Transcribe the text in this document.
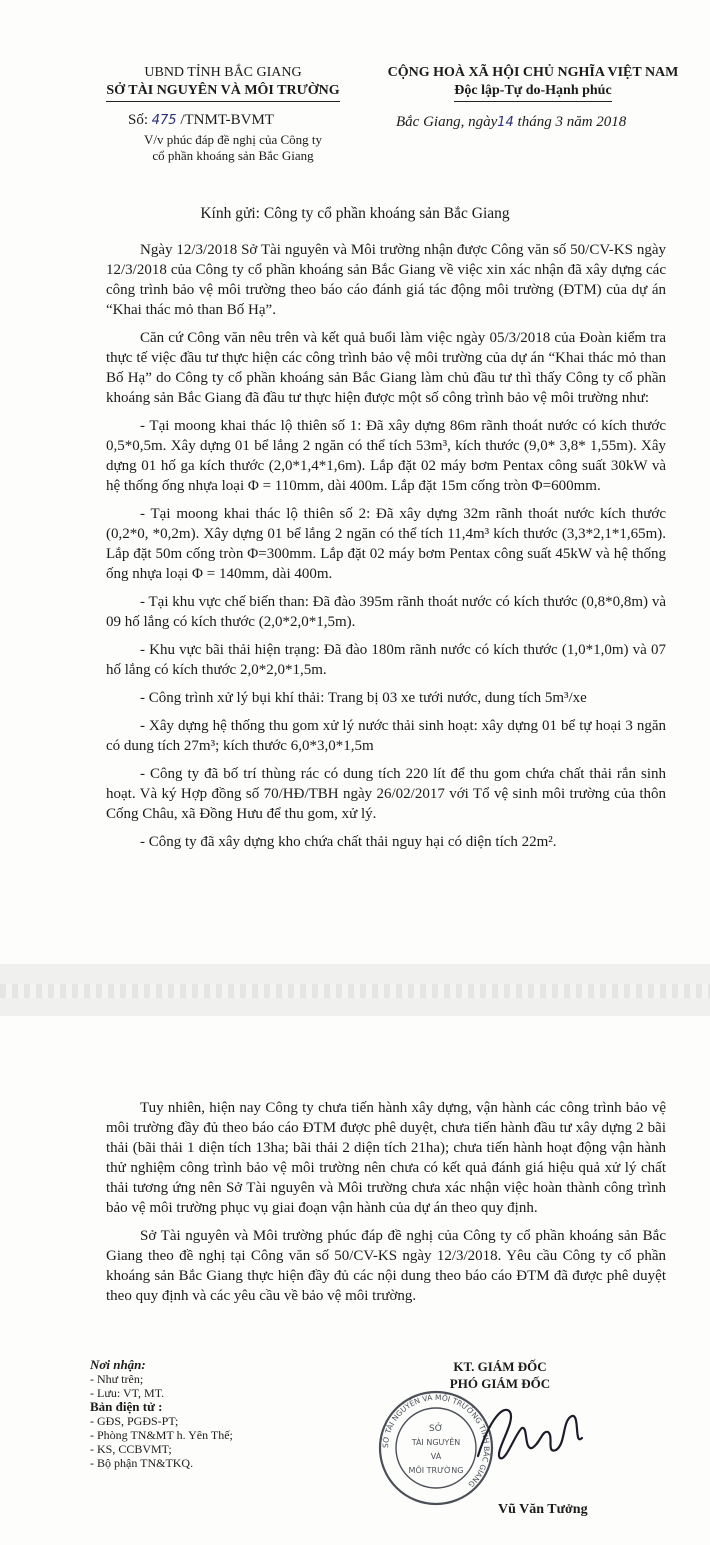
UBND TỈNH BẮC GIANG
SỞ TÀI NGUYÊN VÀ MÔI TRƯỜNG
CỘNG HOÀ XÃ HỘI CHỦ NGHĨA VIỆT NAM
Độc lập-Tự do-Hạnh phúc
Số: 475 /TNMT-BVMT
V/v phúc đáp đề nghị của Công ty
cổ phần khoáng sản Bắc Giang
Bắc Giang, ngày14 tháng 3 năm 2018
Kính gửi: Công ty cổ phần khoáng sản Bắc Giang

Ngày 12/3/2018 Sở Tài nguyên và Môi trường nhận được Công văn số 50/CV-KS ngày 12/3/2018 của Công ty cổ phần khoáng sản Bắc Giang về việc xin xác nhận đã xây dựng các công trình bảo vệ môi trường theo báo cáo đánh giá tác động môi trường (ĐTM) của dự án “Khai thác mỏ than Bố Hạ”.

Căn cứ Công văn nêu trên và kết quả buổi làm việc ngày 05/3/2018 của Đoàn kiểm tra thực tế việc đầu tư thực hiện các công trình bảo vệ môi trường của dự án “Khai thác mỏ than Bố Hạ” do Công ty cổ phần khoáng sản Bắc Giang làm chủ đầu tư thì thấy Công ty cổ phần khoáng sản Bắc Giang đã đầu tư thực hiện được một số công trình bảo vệ môi trường như:

- Tại moong khai thác lộ thiên số 1: Đã xây dựng 86m rãnh thoát nước có kích thước 0,5*0,5m. Xây dựng 01 bể lắng 2 ngăn có thể tích 53m³, kích thước (9,0* 3,8* 1,55m). Xây dựng 01 hố ga kích thước (2,0*1,4*1,6m). Lắp đặt 02 máy bơm Pentax công suất 30kW và hệ thống ống nhựa loại Φ = 110mm, dài 400m. Lắp đặt 15m cống tròn Φ=600mm.

- Tại moong khai thác lộ thiên số 2: Đã xây dựng 32m rãnh thoát nước kích thước (0,2*0, *0,2m). Xây dựng 01 bể lắng 2 ngăn có thể tích 11,4m³ kích thước (3,3*2,1*1,65m). Lắp đặt 50m cống tròn Φ=300mm. Lắp đặt 02 máy bơm Pentax công suất 45kW và hệ thống ống nhựa loại Φ = 140mm, dài 400m.

- Tại khu vực chế biến than: Đã đào 395m rãnh thoát nước có kích thước (0,8*0,8m) và 09 hố lắng có kích thước (2,0*2,0*1,5m).

- Khu vực bãi thải hiện trạng: Đã đào 180m rãnh nước có kích thước (1,0*1,0m) và 07 hố lắng có kích thước 2,0*2,0*1,5m.

- Công trình xử lý bụi khí thải: Trang bị 03 xe tưới nước, dung tích 5m³/xe

- Xây dựng hệ thống thu gom xử lý nước thải sinh hoạt: xây dựng 01 bể tự hoại 3 ngăn có dung tích 27m³; kích thước 6,0*3,0*1,5m

- Công ty đã bố trí thùng rác có dung tích 220 lít để thu gom chứa chất thải rắn sinh hoạt. Và ký Hợp đồng số 70/HĐ/TBH ngày 26/02/2017 với Tổ vệ sinh môi trường của thôn Cống Châu, xã Đồng Hưu để thu gom, xử lý.

- Công ty đã xây dựng kho chứa chất thải nguy hại có diện tích 22m².

Tuy nhiên, hiện nay Công ty chưa tiến hành xây dựng, vận hành các công trình bảo vệ môi trường đầy đủ theo báo cáo ĐTM được phê duyệt, chưa tiến hành đầu tư xây dựng 2 bãi thải (bãi thải 1 diện tích 13ha; bãi thải 2 diện tích 21ha); chưa tiến hành hoạt động vận hành thử nghiệm công trình bảo vệ môi trường nên chưa có kết quả đánh giá hiệu quả xử lý chất thải tương ứng nên Sở Tài nguyên và Môi trường chưa xác nhận việc hoàn thành công trình bảo vệ môi trường phục vụ giai đoạn vận hành của dự án theo quy định.

Sở Tài nguyên và Môi trường phúc đáp đề nghị của Công ty cổ phần khoáng sản Bắc Giang theo đề nghị tại Công văn số 50/CV-KS ngày 12/3/2018. Yêu cầu Công ty cổ phần khoáng sản Bắc Giang thực hiện đầy đủ các nội dung theo báo cáo ĐTM đã được phê duyệt theo quy định và các yêu cầu về bảo vệ môi trường.

Nơi nhận:
- Như trên;
- Lưu: VT, MT.
Bản điện tử :
- GĐS, PGĐS-PT;
- Phòng TN&MT h. Yên Thế;
- KS, CCBVMT;
- Bộ phận TN&TKQ.
KT. GIÁM ĐỐC
PHÓ GIÁM ĐỐC
SỞ TÀI NGUYÊN VÀ MÔI TRƯỜNG TỈNH BẮC GIANG
SỞ
TÀI NGUYÊN
VÀ
MÔI TRƯỜNG
Vũ Văn Tưởng
